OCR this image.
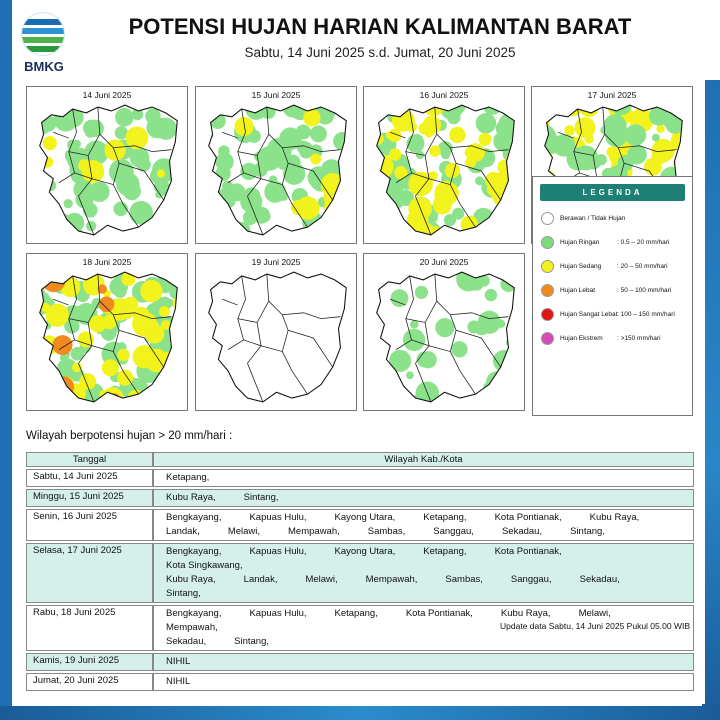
BMKG
POTENSI HUJAN HARIAN KALIMANTAN BARAT
Sabtu, 14 Juni 2025 s.d. Jumat, 20 Juni 2025
14 Juni 2025	15 Juni 2025	16 Juni 2025	17 Juni 2025
18 Juni 2025	19 Juni 2025	20 Juni 2025
LEGENDA
Berawan / Tidak Hujan
Hujan Ringan	: 0.5 – 20 mm/hari
Hujan Sedang : 20 – 50 mm/hari
Hujan Lebat	: 50 – 100 mm/hari
Hujan Sangat Lebat : 100 – 150 mm/hari
Hujan Ekstrem : >150 mm/hari
Wilayah berpotensi hujan > 20 mm/hari :
Tanggal	Wilayah Kab./Kota
Sabtu, 14 Juni 2025	Ketapang,

Minggu, 15 Juni 2025	Kubu Raya, Sintang,

Senin, 16 Juni 2025	Bengkayang, Kapuas Hulu, Kayong Utara, Ketapang, Kota Pontianak, Kubu Raya,
Landak, Melawi, Mempawah, Sambas, Sanggau, Sekadau, Sintang,

Selasa, 17 Juni 2025	Bengkayang, Kapuas Hulu, Kayong Utara, Ketapang, Kota Pontianak,Kota Singkawang,
Kubu Raya, Landak, Melawi, Mempawah, Sambas, Sanggau, Sekadau,Sintang,

Rabu, 18 Juni 2025	Bengkayang, Kapuas Hulu, Ketapang, Kota Pontianak, Kubu Raya, Melawi,Mempawah,
Sekadau, Sintang,

Kamis, 19 Juni 2025	NIHIL

Jumat, 20 Juni 2025	NIHIL
Update data Sabtu, 14 Juni 2025 Pukul 05.00 WIB
